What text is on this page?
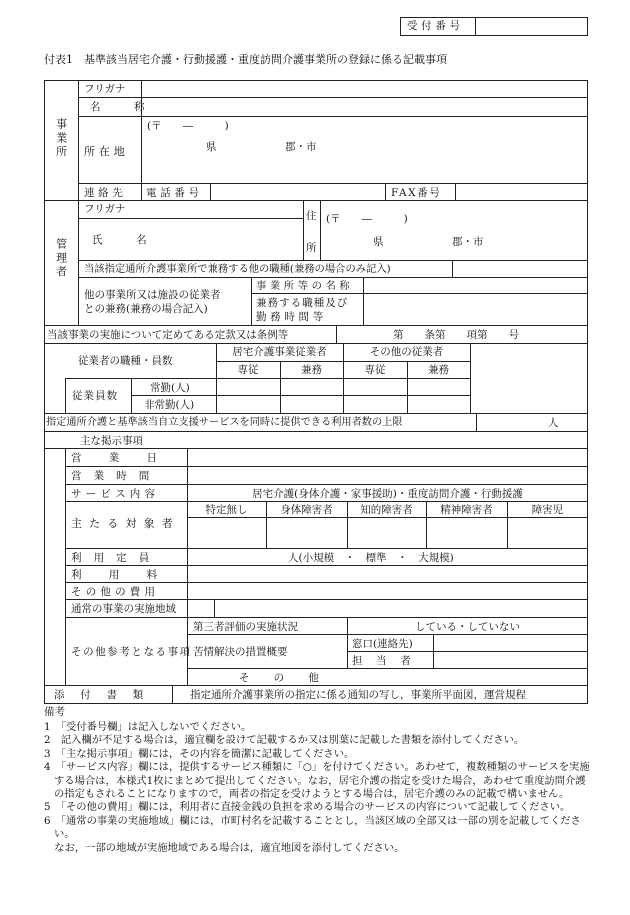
受付番号
付表1　基準該当居宅介護・行動援護・重度訪問介護事業所の登録に係る記載事項
事業所
フリガナ
名　称
所在地
(〒　　―　　　)
県	郡・市
連絡先 電話番号	FAX番号
管理者
フリガナ
氏　名
住
所
(〒　　―　　　)
県	郡・市
当該指定通所介護事業所で兼務する他の職種(兼務の場合のみ記入)
他の事業所又は施設の従業者
との兼務(兼務の場合記入)
事業所等の名称
兼務する職種及び
勤務時間等
当該事業の実施について定めてある定款又は条例等	第　　条第　　項第　　号
従業者の職種・員数
居宅介護事業従業者	その他の従業者
専従	兼務	専従	兼務
従業員数
常勤(人)
非常勤(人)
指定通所介護と基準該当自立支援サービスを同時に提供できる利用者数の上限	人
主な掲示事項
営業日
営業時間
サービス内容	居宅介護(身体介護・家事援助)・重度訪問介護・行動援護
主たる対象者
特定無し	身体障害者	知的障害者	精神障害者	障害児
利用定員	人(小規模　・　標準　・　大規模)
利用料
その他の費用
通常の事業の実施地域
その他参考となる事項
第三者評価の実施状況	している・していない
苦情解決の措置概要
窓口(連絡先)
担当者
その他
添付書類	指定通所介護事業所の指定に係る通知の写し，事業所平面図，運営規程
備考
1　「受付番号欄」は記入しないでください。
2　記入欄が不足する場合は，適宜欄を設けて記載するか又は別葉に記載した書類を添付してください。
3　「主な掲示事項」欄には，その内容を簡潔に記載してください。
4　「サービス内容」欄には，提供するサービス種類に「○」を付けてください。あわせて，複数種類のサービスを実施する場合は，本様式1枚にまとめて提出してください。なお，居宅介護の指定を受けた場合，あわせて重度訪問介護の指定もされることになりますので，両者の指定を受けようとする場合は，居宅介護のみの記載で構いません。
5　「その他の費用」欄には，利用者に直接金銭の負担を求める場合のサービスの内容について記載してください。
6　「通常の事業の実施地域」欄には，市町村名を記載することとし，当該区域の全部又は一部の別を記載してください。
　なお，一部の地域が実施地域である場合は，適宜地図を添付してください。
